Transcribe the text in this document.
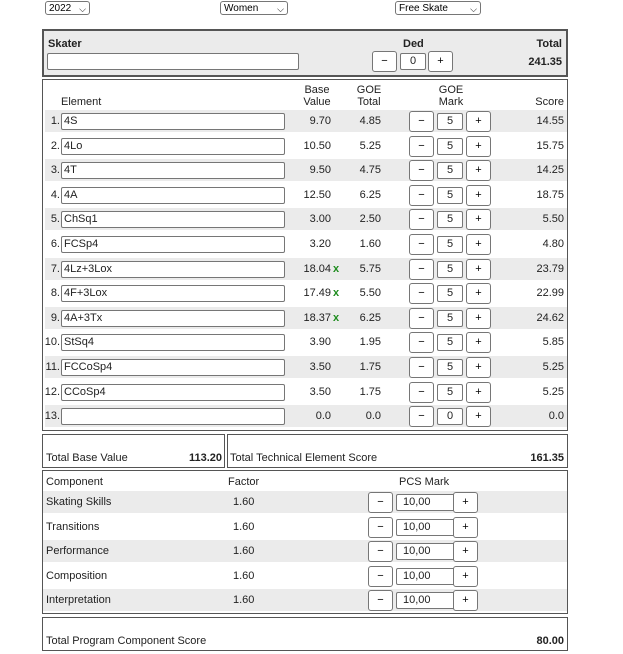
2022 ⌵	Women ⌵	Free Skate ⌵
Skater	Ded
−	0	+
Total
241.35
Element
Base
Value
GOE
Total
GOE
Mark	Score
1. 4S	9.70	4.85	−	5	+	14.55
2. 4Lo	10.50	5.25	−	5	+	15.75
3. 4T	9.50	4.75	−	5	+	14.25
4. 4A	12.50	6.25	−	5	+	18.75
5. ChSq1	3.00	2.50	−	5	+	5.50
6. FCSp4	3.20	1.60	−	5	+	4.80
7. 4Lz+3Lox	18.04 x	5.75	−	5	+	23.79
8. 4F+3Lox	17.49 x	5.50	−	5	+	22.99
9. 4A+3Tx	18.37 x	6.25	−	5	+	24.62
10. StSq4	3.90	1.95	−	5	+	5.85
11. FCCoSp4	3.50	1.75	−	5	+	5.25
12. CCoSp4	3.50	1.75	−	5	+	5.25
13.	0.0	0.0	−	0	+	0.0
Total Base Value	113.20 Total Technical Element Score	161.35
Component	Factor	PCS Mark
Skating Skills	1.60	−	10,00	+
Transitions	1.60	−	10,00	+
Performance	1.60	−	10,00	+
Composition	1.60	−	10,00	+
Interpretation	1.60	−	10,00	+
Total Program Component Score	80.00
